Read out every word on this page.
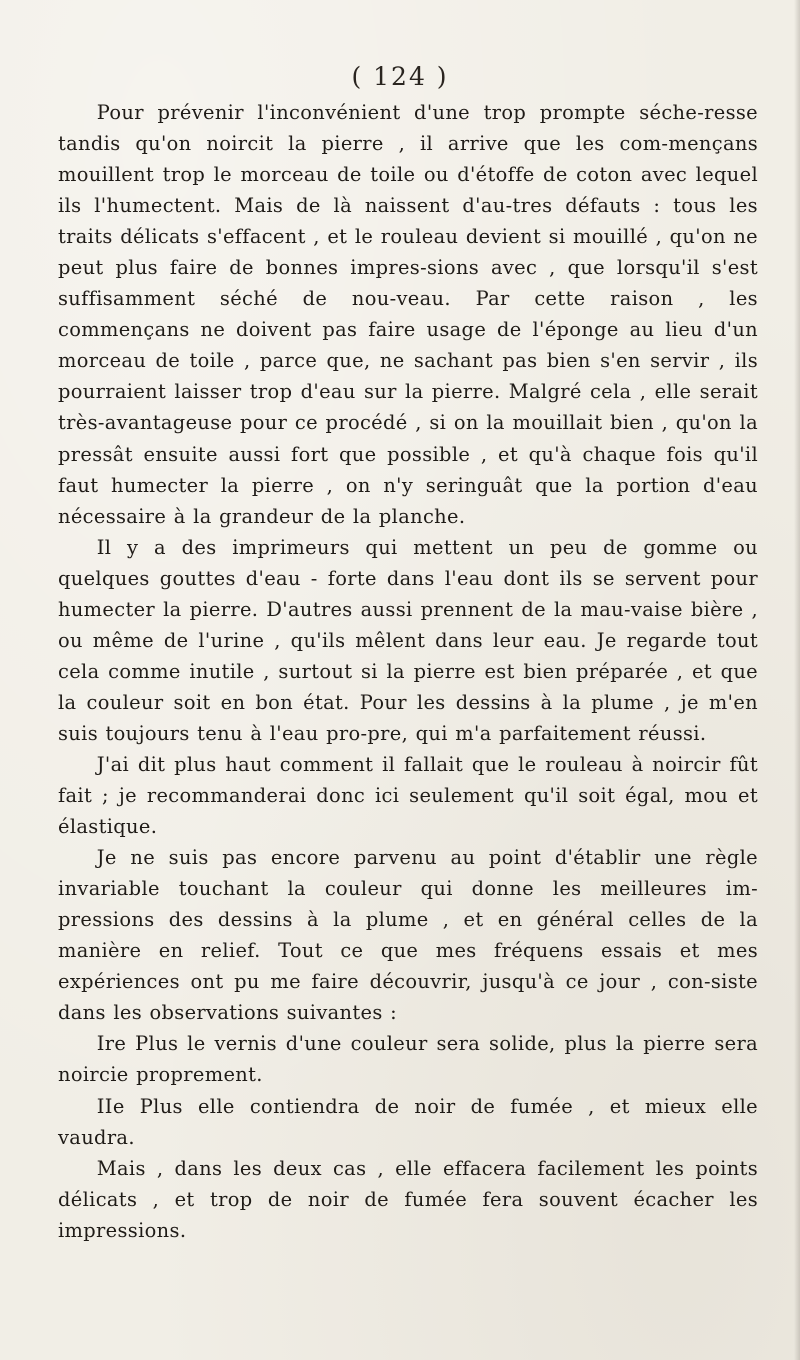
( 124 )

Pour prévenir l'inconvénient d'une trop prompte séche-resse tandis qu'on noircit la pierre , il arrive que les com-mençans mouillent trop le morceau de toile ou d'étoffe de coton avec lequel ils l'humectent. Mais de là naissent d'au-tres défauts : tous les traits délicats s'effacent , et le rouleau devient si mouillé , qu'on ne peut plus faire de bonnes impres-sions avec , que lorsqu'il s'est suffisamment séché de nou-veau. Par cette raison , les commençans ne doivent pas faire usage de l'éponge au lieu d'un morceau de toile , parce que, ne sachant pas bien s'en servir , ils pourraient laisser trop d'eau sur la pierre. Malgré cela , elle serait très-avantageuse pour ce procédé , si on la mouillait bien , qu'on la pressât ensuite aussi fort que possible , et qu'à chaque fois qu'il faut humecter la pierre , on n'y seringuât que la portion d'eau nécessaire à la grandeur de la planche.

Il y a des imprimeurs qui mettent un peu de gomme ou quelques gouttes d'eau - forte dans l'eau dont ils se servent pour humecter la pierre. D'autres aussi prennent de la mau-vaise bière , ou même de l'urine , qu'ils mêlent dans leur eau. Je regarde tout cela comme inutile , surtout si la pierre est bien préparée , et que la couleur soit en bon état. Pour les dessins à la plume , je m'en suis toujours tenu à l'eau pro-pre, qui m'a parfaitement réussi.

J'ai dit plus haut comment il fallait que le rouleau à noircir fût fait ; je recommanderai donc ici seulement qu'il soit égal, mou et élastique.

Je ne suis pas encore parvenu au point d'établir une règle invariable touchant la couleur qui donne les meilleures im-pressions des dessins à la plume , et en général celles de la manière en relief. Tout ce que mes fréquens essais et mes expériences ont pu me faire découvrir, jusqu'à ce jour , con-siste dans les observations suivantes :

Ire Plus le vernis d'une couleur sera solide, plus la pierre sera noircie proprement.

IIe Plus elle contiendra de noir de fumée , et mieux elle vaudra.

Mais , dans les deux cas , elle effacera facilement les points délicats , et trop de noir de fumée fera souvent écacher les impressions.
